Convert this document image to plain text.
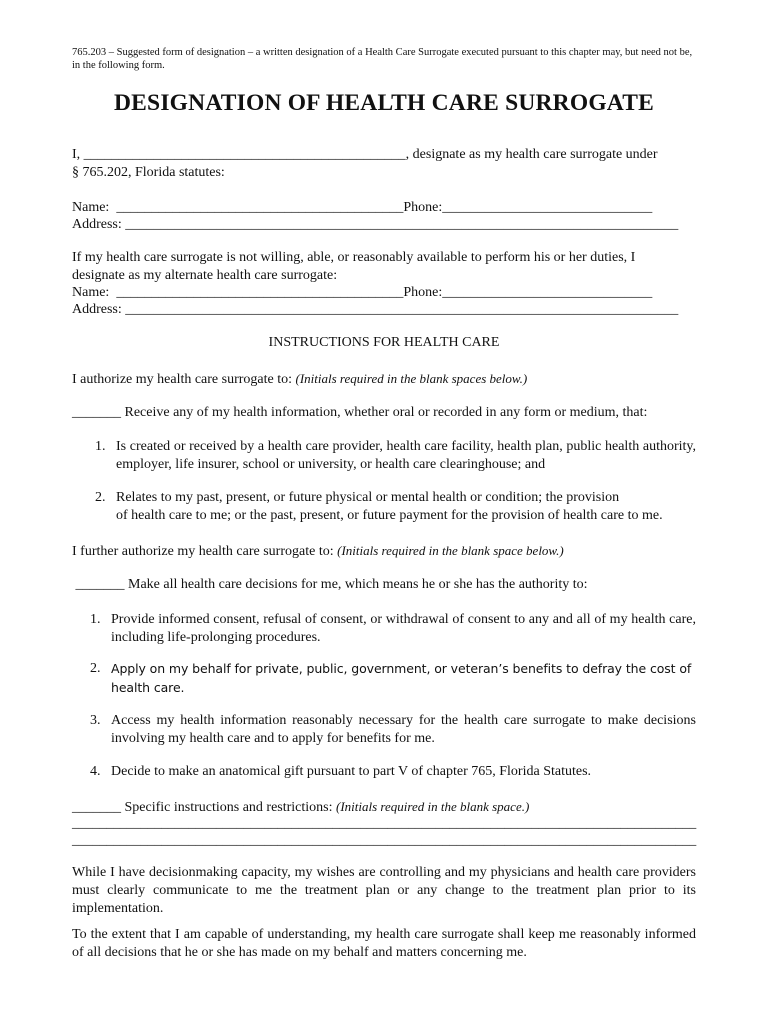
765.203 – Suggested form of designation – a written designation of a Health Care Surrogate executed pursuant to this chapter may, but need not be, in the following form.
DESIGNATION OF HEALTH CARE SURROGATE
I, ______________________________________________, designate as my health care surrogate under
§ 765.202, Florida statutes:
Name:  _________________________________________Phone:______________________________
Address: _______________________________________________________________________________
If my health care surrogate is not willing, able, or reasonably available to perform his or her duties, I
designate as my alternate health care surrogate:
Name:  _________________________________________Phone:______________________________
Address: _______________________________________________________________________________
INSTRUCTIONS FOR HEALTH CARE
I authorize my health care surrogate to: (Initials required in the blank spaces below.)
_______ Receive any of my health information, whether oral or recorded in any form or medium, that:
1. Is created or received by a health care provider, health care facility, health plan, public health authority, employer, life insurer, school or university, or health care clearinghouse; and
2. Relates to my past, present, or future physical or mental health or condition; the provision
of health care to me; or the past, present, or future payment for the provision of health care to me.
I further authorize my health care surrogate to: (Initials required in the blank space below.)
_______ Make all health care decisions for me, which means he or she has the authority to:
1. Provide informed consent, refusal of consent, or withdrawal of consent to any and all of my health care, including life-prolonging procedures.
2. Apply on my behalf for private, public, government, or veteran’s benefits to defray the cost of health care.
3. Access my health information reasonably necessary for the health care surrogate to make decisions involving my health care and to apply for benefits for me.
4. Decide to make an anatomical gift pursuant to part V of chapter 765, Florida Statutes.
_______ Specific instructions and restrictions: (Initials required in the blank space.)
___________________________________________________________________________________________
___________________________________________________________________________________________
While I have decisionmaking capacity, my wishes are controlling and my physicians and health care providers must clearly communicate to me the treatment plan or any change to the treatment plan prior to its implementation.
To the extent that I am capable of understanding, my health care surrogate shall keep me reasonably informed of all decisions that he or she has made on my behalf and matters concerning me.
